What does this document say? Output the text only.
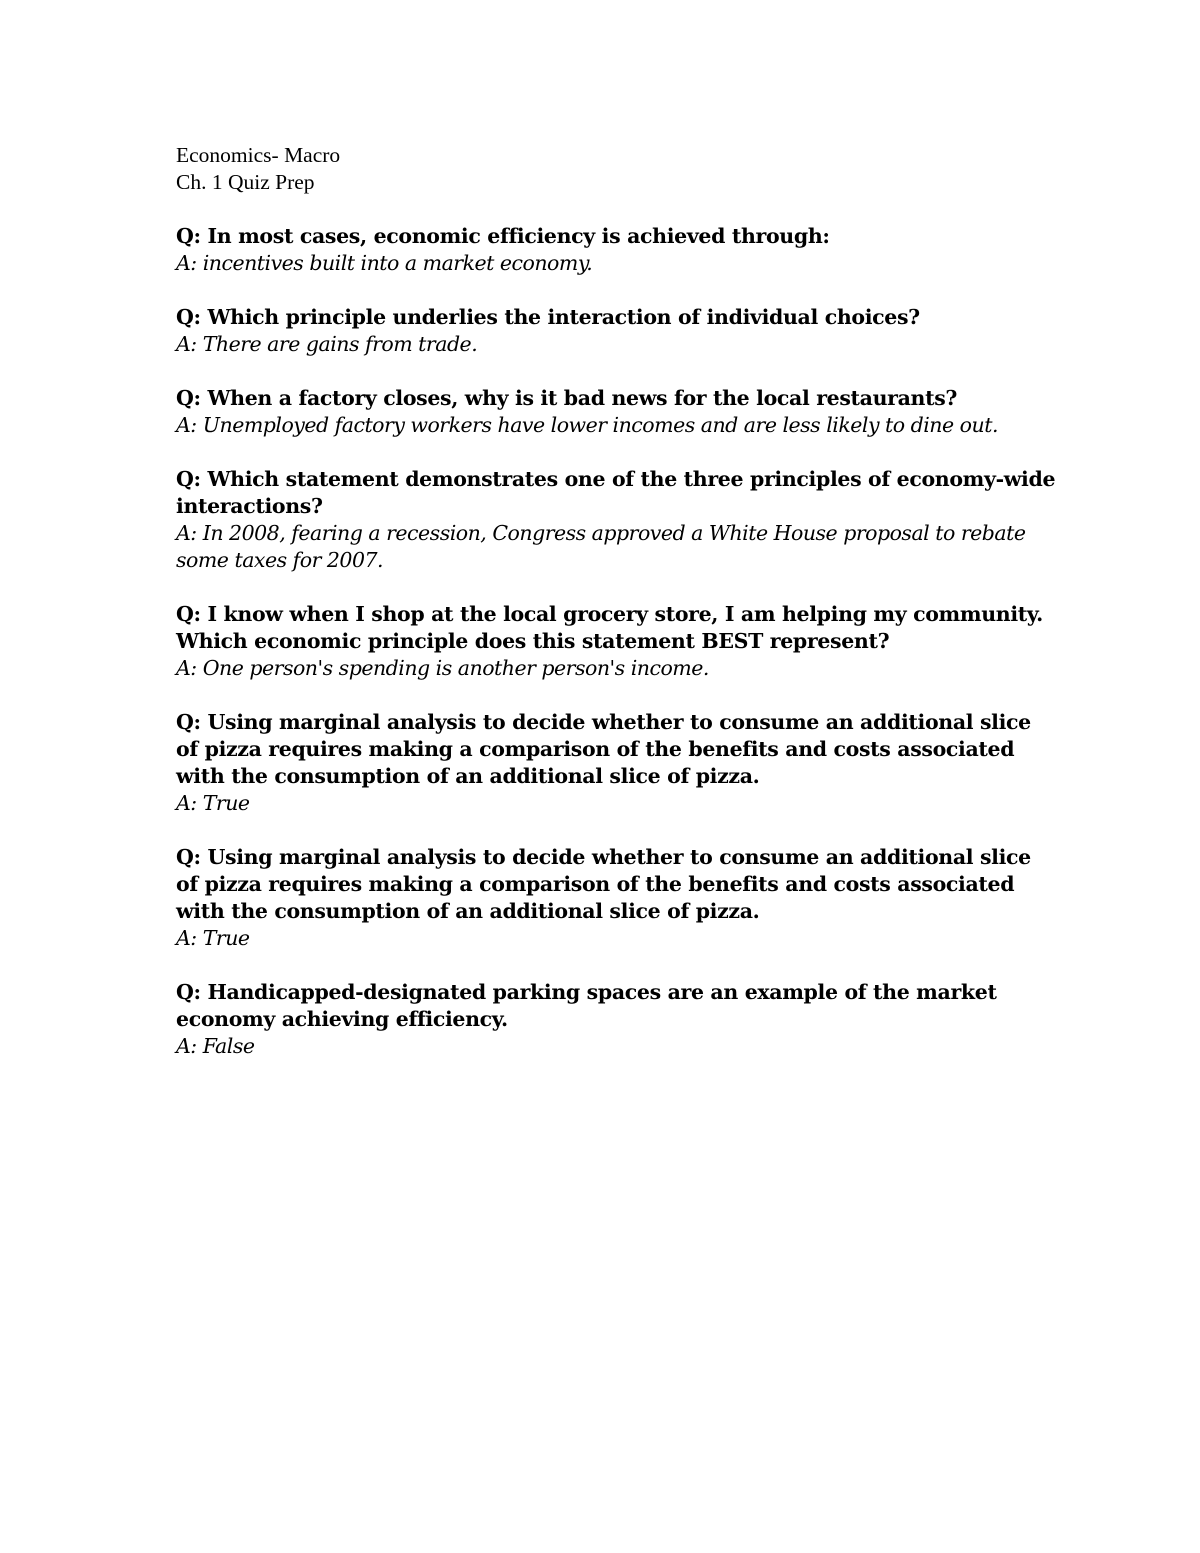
Economics- Macro

Ch. 1 Quiz Prep

Q: In most cases, economic efficiency is achieved through:

A: incentives built into a market economy.

Q: Which principle underlies the interaction of individual choices?

A: There are gains from trade.

Q: When a factory closes, why is it bad news for the local restaurants?

A: Unemployed factory workers have lower incomes and are less likely to dine out.

Q: Which statement demonstrates one of the three principles of economy-wide interactions?

A: In 2008, fearing a recession, Congress approved a White House proposal to rebate some taxes for 2007.

Q: I know when I shop at the local grocery store, I am helping my community. Which economic principle does this statement BEST represent?

A: One person's spending is another person's income.

Q: Using marginal analysis to decide whether to consume an additional slice of pizza requires making a comparison of the benefits and costs associated with the consumption of an additional slice of pizza.

A: True

Q: Using marginal analysis to decide whether to consume an additional slice of pizza requires making a comparison of the benefits and costs associated with the consumption of an additional slice of pizza.

A: True

Q: Handicapped-designated parking spaces are an example of the market economy achieving efficiency.

A: False
